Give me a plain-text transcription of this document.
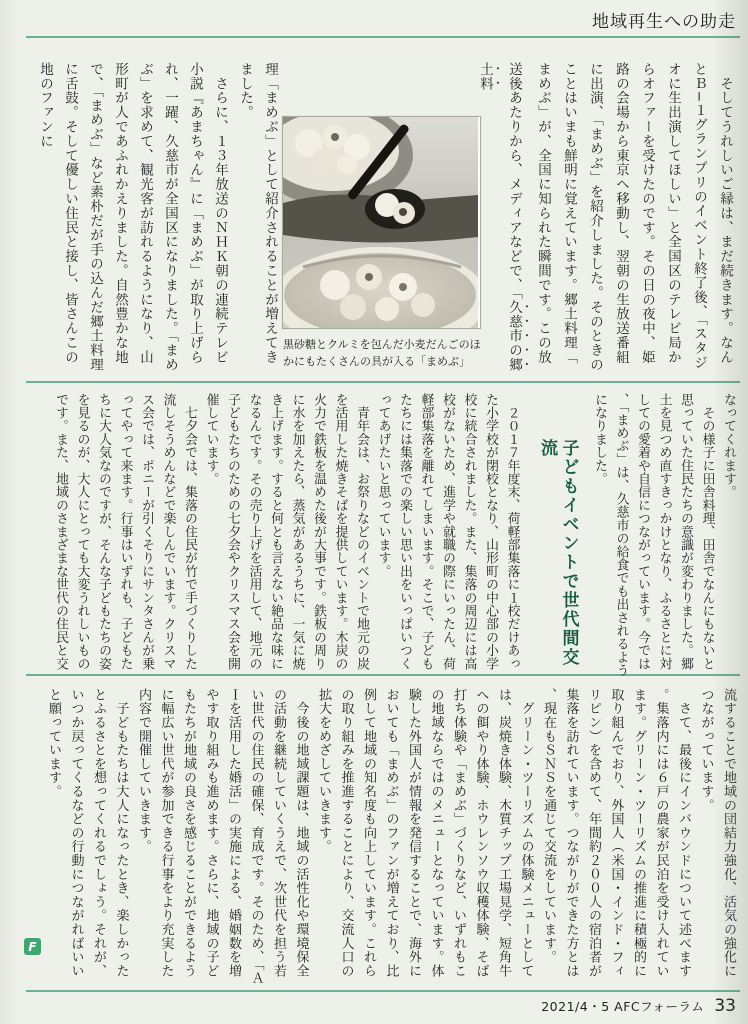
地域再生への助走

　そしてうれしいご縁は、まだ続きます。なんとＢ−１グランプリのイベント終了後、「スタジオに生出演してほしい」と全国区のテレビ局からオファーを受けたのです。その日の夜中、姫路の会場から東京へ移動し、翌朝の生放送番組に出演、「まめぶ」を紹介しました。そのときのことはいまも鮮明に覚えています。郷土料理「まめぶ」が、全国に知られた瞬間です。この放送後あたりから、メディアなどで、「久慈市の郷土料

黒砂糖とクルミを包んだ小麦だんごのほかにもたくさんの具が入る「まめぶ」

理「まめぶ」として紹介されることが増えてきました。

　さらに、１３年放送のＮＨＫ朝の連続テレビ小説『あまちゃん』に「まめぶ」が取り上げられ、一躍、久慈市が全国区になりました。「まめぶ」を求めて、観光客が訪れるようになり、山形町が人であふれかえりました。自然豊かな地で、「まめぶ」など素朴だが手の込んだ郷土料理に舌鼓。そして優しい住民と接し、皆さんこの地のファンに

なってくれます。

　その様子に田舎料理、田舎でなんにもないと思っていた住民たちの意識が変わりました。郷土を見つめ直すきっかけとなり、ふるさとに対しての愛着や自信につながっています。今では、「まめぶ」は、久慈市の給食でも出されるようになりました。

子どもイベントで世代間交流

　２０１７年度末、荷軽部集落に１校だけあった小学校が閉校となり、山形町の中心部の小学校に統合されました。また、集落の周辺には高校がないため、進学や就職の際にいったん、荷軽部集落を離れてしまいます。そこで、子どもたちには集落での楽しい思い出をいっぱいつくってあげたいと思っています。

　青年会は、お祭りなどのイベントで地元の炭を活用した焼きそばを提供しています。木炭の火力で鉄板を温めた後が大事です。鉄板の周りに水を加えたら、蒸気があるうちに、一気に焼き上げます。すると何とも言えない絶品な味になるんです。その売り上げを活用して、地元の子どもたちのための七夕会やクリスマス会を開催しています。

　七夕会では、集落の住民が竹で手づくりした流しそうめんなどで楽しんでいます。クリスマス会では、ポニーが引くそりにサンタさんが乗ってやって来ます。行事はいずれも、子どもたちに大人気なのですが、そんな子どもたちの姿を見るのが、大人にとっても大変うれしいものです。また、地域のさまざまな世代の住民と交

流することで地域の団結力強化、活気の強化につながっています。

　さて、最後にインバウンドについて述べます。集落内には６戸の農家が民泊を受け入れています。グリーン・ツーリズムの推進に積極的に取り組んでおり、外国人（米国・インド・フィリピン）を含めて、年間約２００人の宿泊者が集落を訪れています。つながりができた方とは、現在もＳＮＳを通じて交流をしています。

　グリーン・ツーリズムの体験メニューとしては、炭焼き体験、木質チップ工場見学、短角牛への餌やり体験、ホウレンソウ収穫体験、そば打ち体験や「まめぶ」づくりなど、いずれもこの地域ならではのメニューとなっています。体験した外国人が情報を発信することで、海外においても「まめぶ」のファンが増えており、比例して地域の知名度も向上しています。これらの取り組みを推進することにより、交流人口の拡大をめざしていきます。

　今後の地域課題は、地域の活性化や環境保全の活動を継続していくうえで、次世代を担う若い世代の住民の確保、育成です。そのため、「ＡＩを活用した婚活」の実施による、婚姻数を増やす取り組みも進めます。さらに、地域の子どもたちが地域の良さを感じることができるように幅広い世代が参加できる行事をより充実した内容で開催していきます。

　子どもたちは大人になったとき、楽しかったとふるさとを想ってくれるでしょう。それが、いつか戻ってくるなどの行動につながればいいと願っています。

F
2021/4・5 AFCフォーラム 33
